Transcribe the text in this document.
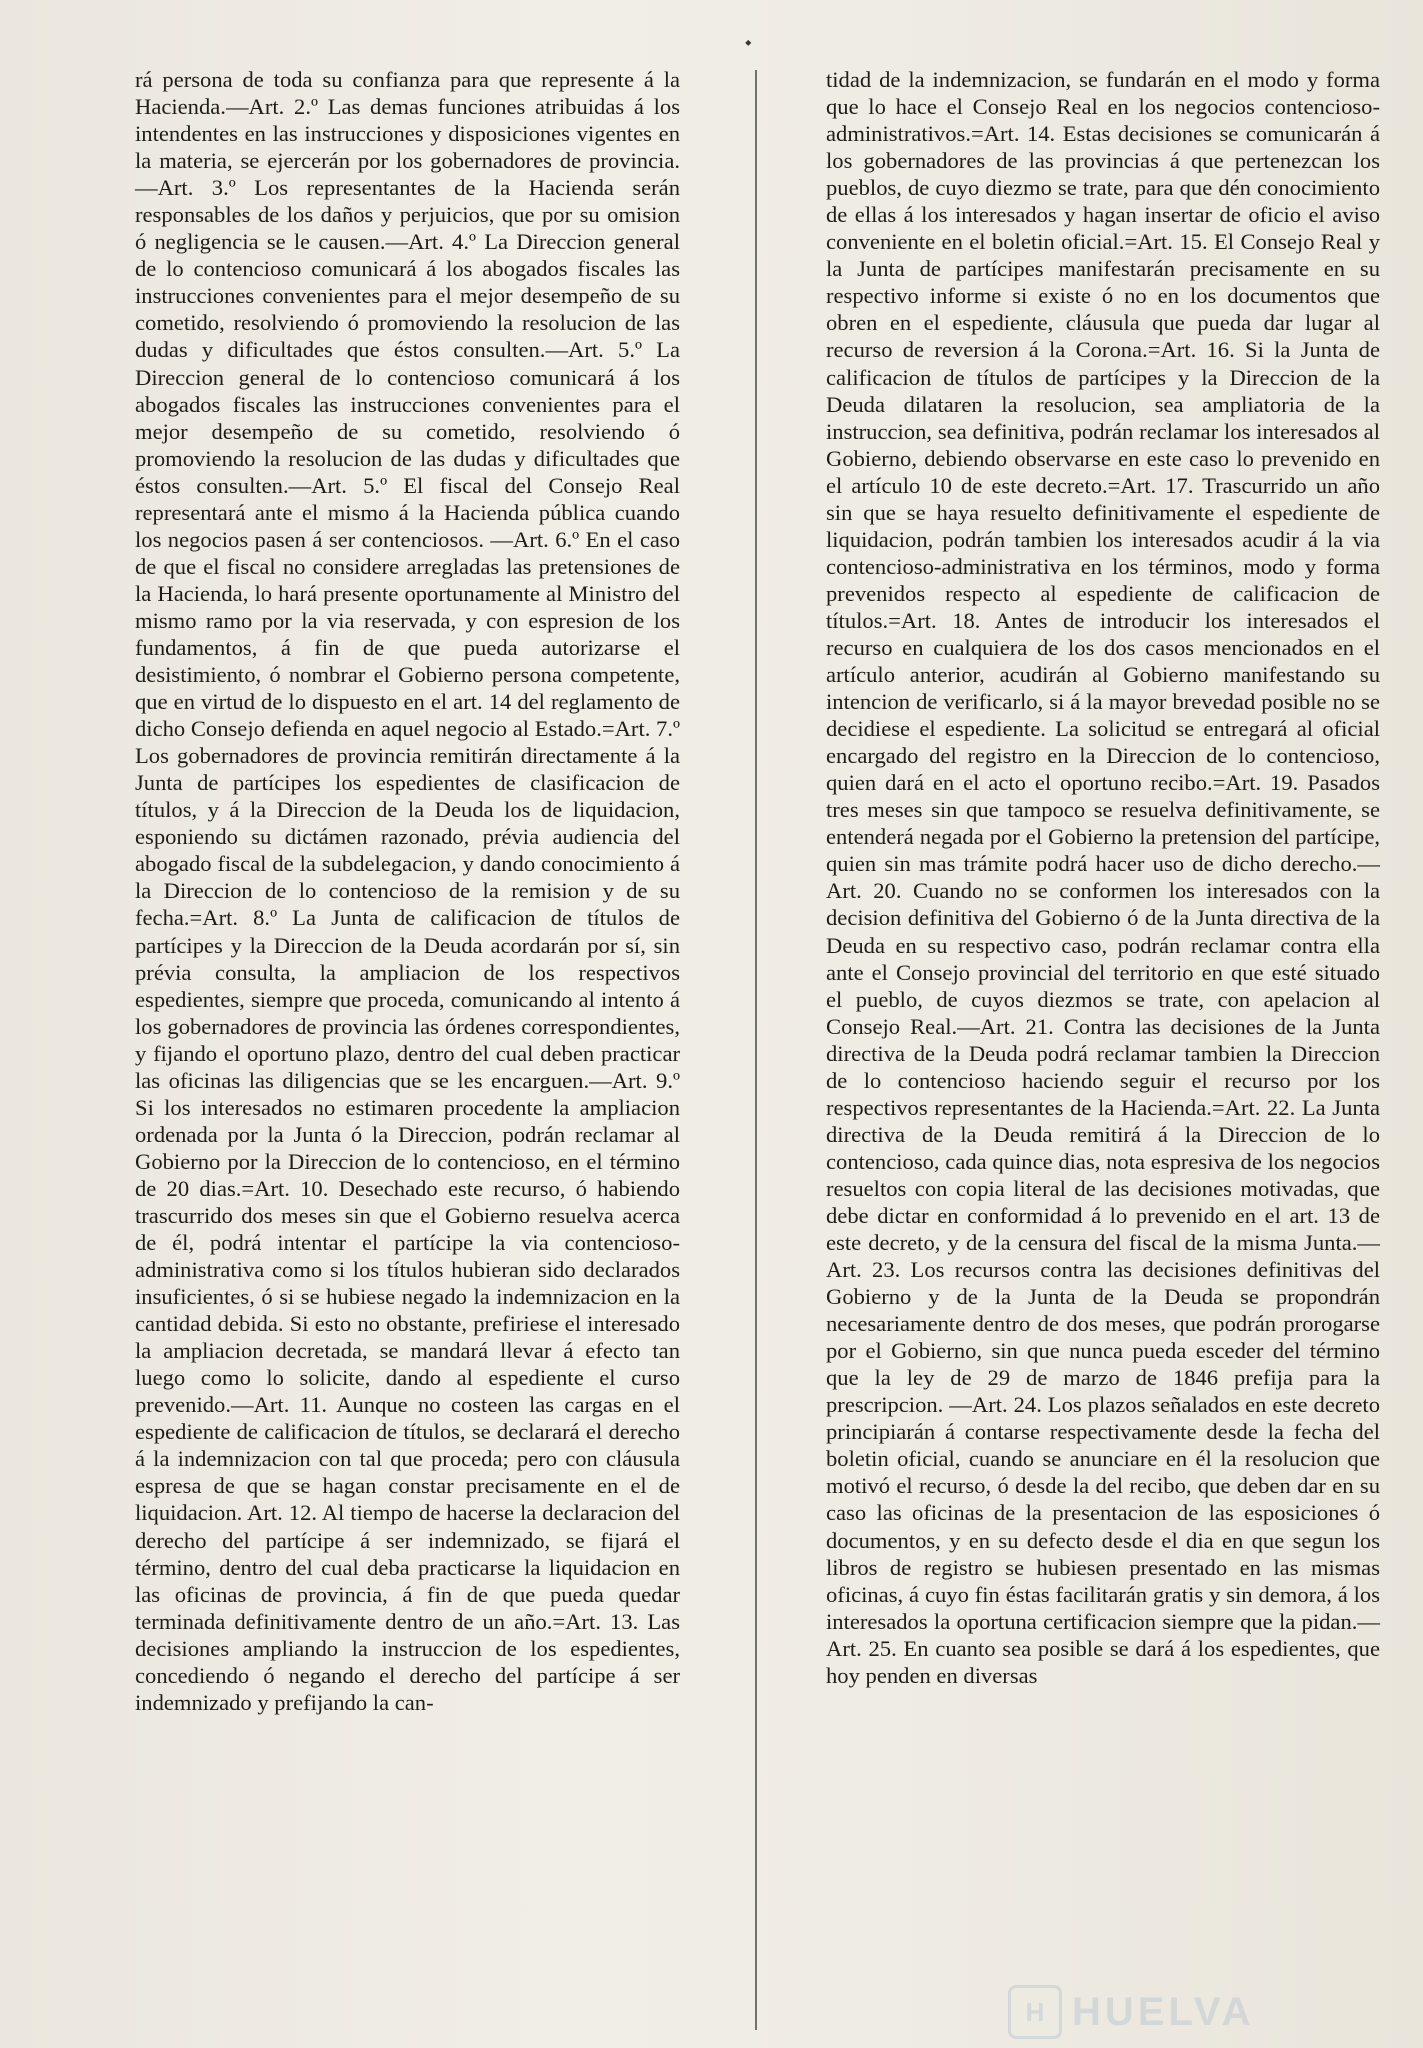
⬩

rá persona de toda su confianza para que represente á la Hacienda.—Art. 2.º Las demas funciones atribuidas á los intendentes en las instrucciones y disposiciones vigentes en la materia, se ejercerán por los gobernadores de provincia.—Art. 3.º Los representantes de la Hacienda serán responsables de los daños y perjuicios, que por su omision ó negligencia se le causen.—Art. 4.º La Direccion general de lo contencioso comunicará á los abogados fiscales las instrucciones convenientes para el mejor desempeño de su cometido, resolviendo ó promoviendo la resolucion de las dudas y dificultades que éstos consulten.—Art. 5.º La Direccion general de lo contencioso comunicará á los abogados fiscales las instrucciones convenientes para el mejor desempeño de su cometido, resolviendo ó promoviendo la resolucion de las dudas y dificultades que éstos consulten.—Art. 5.º El fiscal del Consejo Real representará ante el mismo á la Hacienda pública cuando los negocios pasen á ser contenciosos. —Art. 6.º En el caso de que el fiscal no considere arregladas las pretensiones de la Hacienda, lo hará presente oportunamente al Ministro del mismo ramo por la via reservada, y con espresion de los fundamentos, á fin de que pueda autorizarse el desistimiento, ó nombrar el Gobierno persona competente, que en virtud de lo dispuesto en el art. 14 del reglamento de dicho Consejo defienda en aquel negocio al Estado.=Art. 7.º Los gobernadores de provincia remitirán directamente á la Junta de partícipes los espedientes de clasificacion de títulos, y á la Direccion de la Deuda los de liquidacion, esponiendo su dictámen razonado, prévia audiencia del abogado fiscal de la subdelegacion, y dando conocimiento á la Direccion de lo contencioso de la remision y de su fecha.=Art. 8.º La Junta de calificacion de títulos de partícipes y la Direccion de la Deuda acordarán por sí, sin prévia consulta, la ampliacion de los respectivos espedientes, siempre que proceda, comunicando al intento á los gobernadores de provincia las órdenes correspondientes, y fijando el oportuno plazo, dentro del cual deben practicar las oficinas las diligencias que se les encarguen.—Art. 9.º Si los interesados no estimaren procedente la ampliacion ordenada por la Junta ó la Direccion, podrán reclamar al Gobierno por la Direccion de lo contencioso, en el término de 20 dias.=Art. 10. Desechado este recurso, ó habiendo trascurrido dos meses sin que el Gobierno resuelva acerca de él, podrá intentar el partícipe la via contencioso-administrativa como si los títulos hubieran sido declarados insuficientes, ó si se hubiese negado la indemnizacion en la cantidad debida. Si esto no obstante, prefiriese el interesado la ampliacion decretada, se mandará llevar á efecto tan luego como lo solicite, dando al espediente el curso prevenido.—Art. 11. Aunque no costeen las cargas en el espediente de calificacion de títulos, se declarará el derecho á la indemnizacion con tal que proceda; pero con cláusula espresa de que se hagan constar precisamente en el de liquidacion. Art. 12. Al tiempo de hacerse la declaracion del derecho del partícipe á ser indemnizado, se fijará el término, dentro del cual deba practicarse la liquidacion en las oficinas de provincia, á fin de que pueda quedar terminada definitivamente dentro de un año.=Art. 13. Las decisiones ampliando la instruccion de los espedientes, concediendo ó negando el derecho del partícipe á ser indemnizado y prefijando la can-

tidad de la indemnizacion, se fundarán en el modo y forma que lo hace el Consejo Real en los negocios contencioso-administrativos.=Art. 14. Estas decisiones se comunicarán á los gobernadores de las provincias á que pertenezcan los pueblos, de cuyo diezmo se trate, para que dén conocimiento de ellas á los interesados y hagan insertar de oficio el aviso conveniente en el boletin oficial.=Art. 15. El Consejo Real y la Junta de partícipes manifestarán precisamente en su respectivo informe si existe ó no en los documentos que obren en el espediente, cláusula que pueda dar lugar al recurso de reversion á la Corona.=Art. 16. Si la Junta de calificacion de títulos de partícipes y la Direccion de la Deuda dilataren la resolucion, sea ampliatoria de la instruccion, sea definitiva, podrán reclamar los interesados al Gobierno, debiendo observarse en este caso lo prevenido en el artículo 10 de este decreto.=Art. 17. Trascurrido un año sin que se haya resuelto definitivamente el espediente de liquidacion, podrán tambien los interesados acudir á la via contencioso-administrativa en los términos, modo y forma prevenidos respecto al espediente de calificacion de títulos.=Art. 18. Antes de introducir los interesados el recurso en cualquiera de los dos casos mencionados en el artículo anterior, acudirán al Gobierno manifestando su intencion de verificarlo, si á la mayor brevedad posible no se decidiese el espediente. La solicitud se entregará al oficial encargado del registro en la Direccion de lo contencioso, quien dará en el acto el oportuno recibo.=Art. 19. Pasados tres meses sin que tampoco se resuelva definitivamente, se entenderá negada por el Gobierno la pretension del partícipe, quien sin mas trámite podrá hacer uso de dicho derecho.—Art. 20. Cuando no se conformen los interesados con la decision definitiva del Gobierno ó de la Junta directiva de la Deuda en su respectivo caso, podrán reclamar contra ella ante el Consejo provincial del territorio en que esté situado el pueblo, de cuyos diezmos se trate, con apelacion al Consejo Real.—Art. 21. Contra las decisiones de la Junta directiva de la Deuda podrá reclamar tambien la Direccion de lo contencioso haciendo seguir el recurso por los respectivos representantes de la Hacienda.=Art. 22. La Junta directiva de la Deuda remitirá á la Direccion de lo contencioso, cada quince dias, nota espresiva de los negocios resueltos con copia literal de las decisiones motivadas, que debe dictar en conformidad á lo prevenido en el art. 13 de este decreto, y de la censura del fiscal de la misma Junta.—Art. 23. Los recursos contra las decisiones definitivas del Gobierno y de la Junta de la Deuda se propondrán necesariamente dentro de dos meses, que podrán prorogarse por el Gobierno, sin que nunca pueda esceder del término que la ley de 29 de marzo de 1846 prefija para la prescripcion. —Art. 24. Los plazos señalados en este decreto principiarán á contarse respectivamente desde la fecha del boletin oficial, cuando se anunciare en él la resolucion que motivó el recurso, ó desde la del recibo, que deben dar en su caso las oficinas de la presentacion de las esposiciones ó documentos, y en su defecto desde el dia en que segun los libros de registro se hubiesen presentado en las mismas oficinas, á cuyo fin éstas facilitarán gratis y sin demora, á los interesados la oportuna certificacion siempre que la pidan.—Art. 25. En cuanto sea posible se dará á los espedientes, que hoy penden en diversas

H HUELVA
